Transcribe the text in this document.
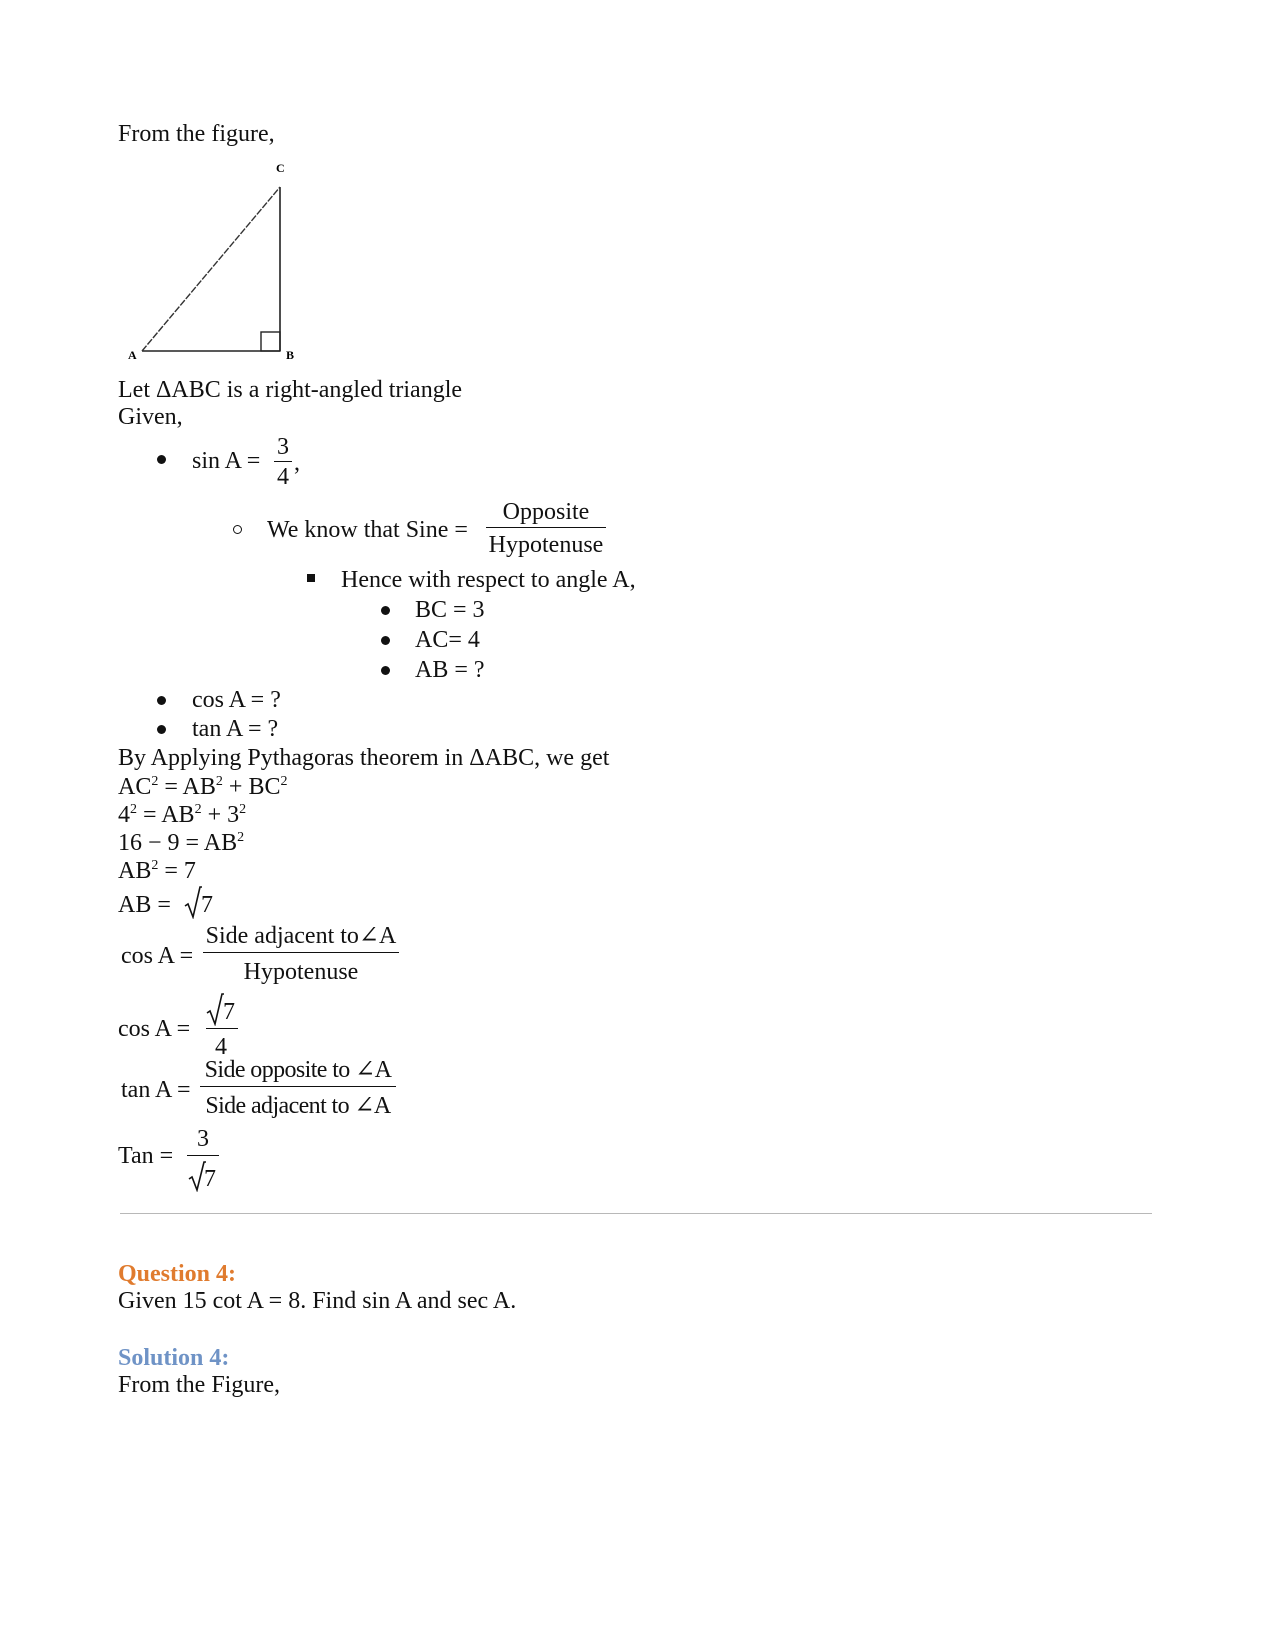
From the figure,
A	B
C
Let ΔABC is a right-angled triangle
Given,
sin A =
3
4
,
We know that Sine =
Opposite
Hypotenuse
Hence with respect to angle A,
BC = 3
AC= 4
AB = ?
cos A = ?
tan A = ?
By Applying Pythagoras theorem in ΔABC, we get
$AC^2 = AB^2 + BC^2$
$4^2 = AB^2 + 3^2$
$16 - 9 = AB^2$
$AB^2 = 7$
AB = 7
cos A =
Side adjacent to∠A
Hypotenuse
cos A =
7
4
tan A =
Side opposite to ∠A
Side adjacent to ∠A
Tan =
3
7
Question 4:
Given 15 cot A = 8. Find sin A and sec A.
Solution 4:
From the Figure,
